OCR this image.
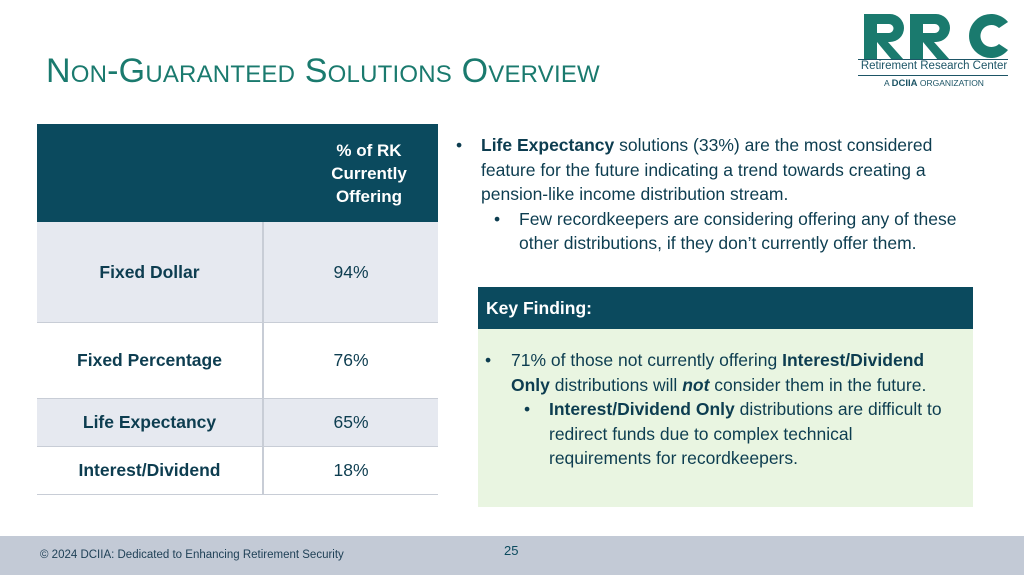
Non-Guaranteed Solutions Overview	Retirement Research Center
A DCIIA ORGANIZATION
% of RK Currently Offering
Fixed Dollar	94%
Fixed Percentage	76%
Life Expectancy	65%
Interest/Dividend	18%
• Life Expectancy solutions (33%) are the most considered feature for the future indicating a trend towards creating a pension-like income distribution stream.
• Few recordkeepers are considering offering any of these other distributions, if they don’t currently offer them.
Key Finding:
• 71% of those not currently offering Interest/Dividend Only distributions will not consider them in the future.
• Interest/Dividend Only distributions are difficult to redirect funds due to complex technical requirements for recordkeepers.
© 2024 DCIIA: Dedicated to Enhancing Retirement Security	25
